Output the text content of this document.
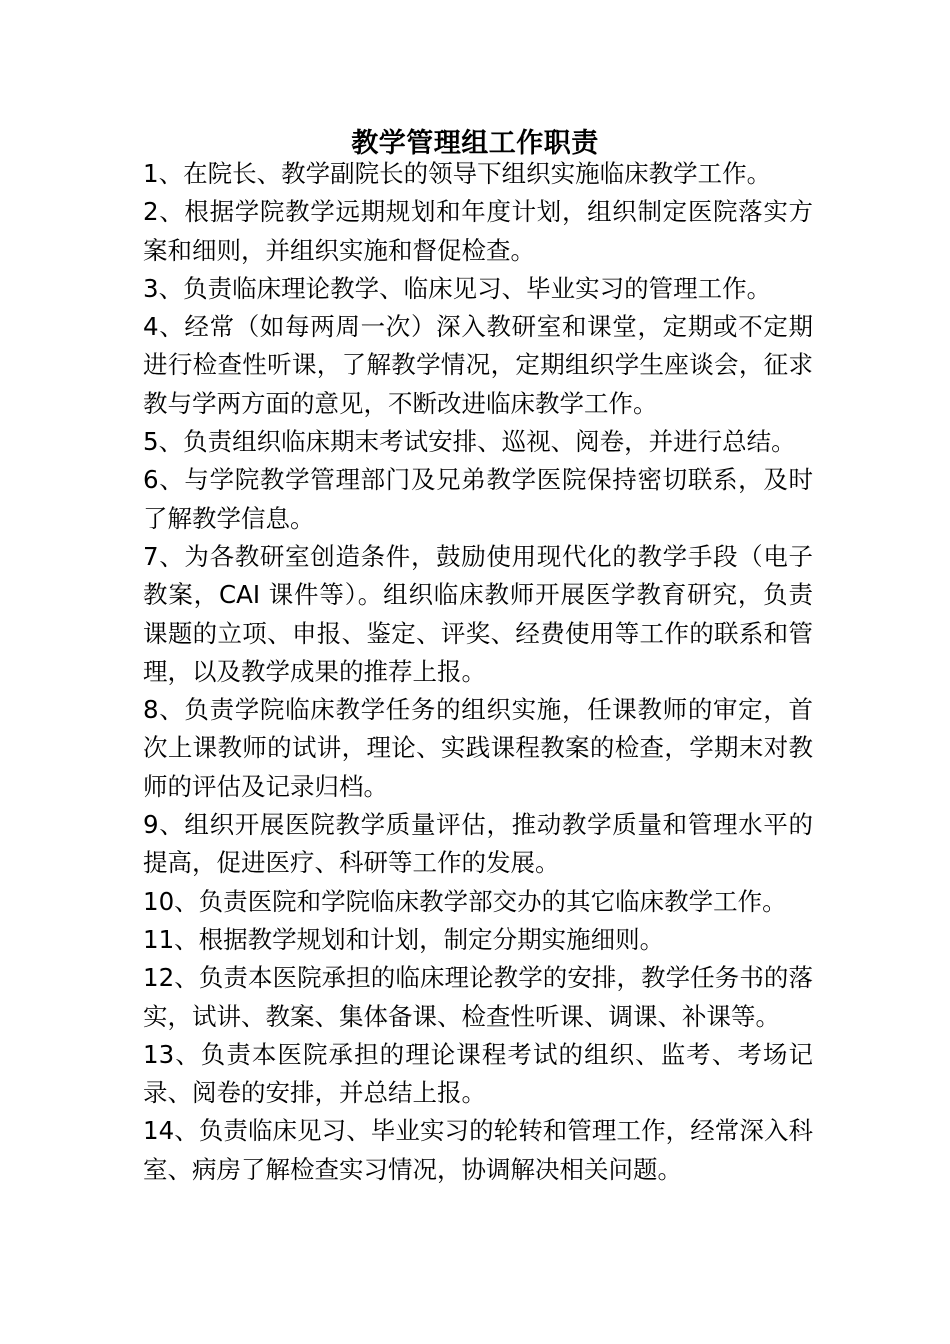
教学管理组工作职责
1、在院长、教学副院长的领导下组织实施临床教学工作。
2、根据学院教学远期规划和年度计划，组织制定医院落实方案和细则，并组织实施和督促检查。
3、负责临床理论教学、临床见习、毕业实习的管理工作。
4、经常（如每两周一次）深入教研室和课堂，定期或不定期进行检查性听课，了解教学情况，定期组织学生座谈会，征求教与学两方面的意见，不断改进临床教学工作。
5、负责组织临床期末考试安排、巡视、阅卷，并进行总结。
6、与学院教学管理部门及兄弟教学医院保持密切联系，及时了解教学信息。
7、为各教研室创造条件，鼓励使用现代化的教学手段（电子教案，CAI 课件等）。组织临床教师开展医学教育研究，负责课题的立项、申报、鉴定、评奖、经费使用等工作的联系和管理，以及教学成果的推荐上报。
8、负责学院临床教学任务的组织实施，任课教师的审定，首次上课教师的试讲，理论、实践课程教案的检查，学期末对教师的评估及记录归档。
9、组织开展医院教学质量评估，推动教学质量和管理水平的提高，促进医疗、科研等工作的发展。
10、负责医院和学院临床教学部交办的其它临床教学工作。
11、根据教学规划和计划，制定分期实施细则。
12、负责本医院承担的临床理论教学的安排，教学任务书的落实，试讲、教案、集体备课、检查性听课、调课、补课等。
13、负责本医院承担的理论课程考试的组织、监考、考场记录、阅卷的安排，并总结上报。
14、负责临床见习、毕业实习的轮转和管理工作，经常深入科室、病房了解检查实习情况，协调解决相关问题。
